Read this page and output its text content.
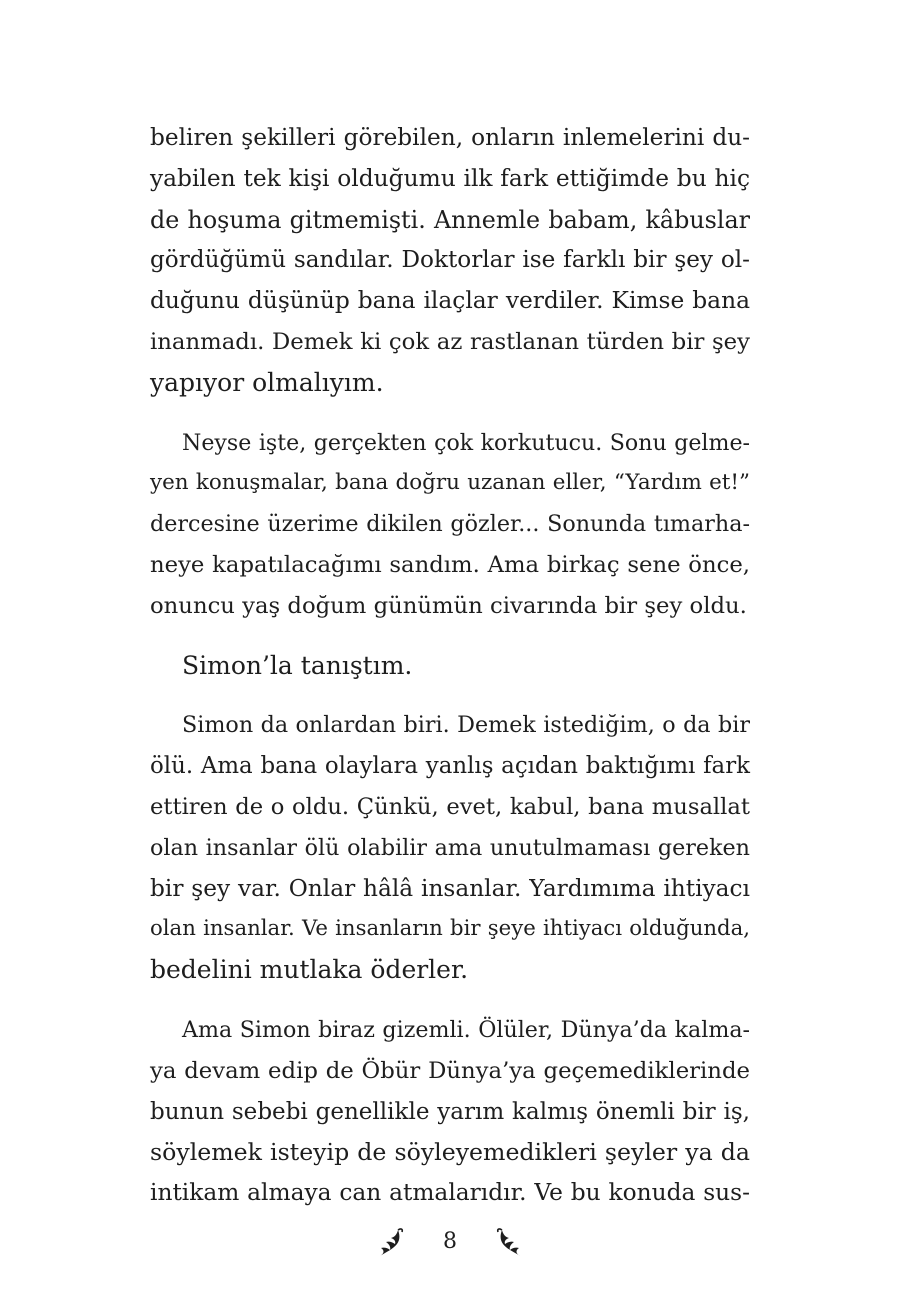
beliren şekilleri görebilen, onların inlemelerini du-
yabilen tek kişi olduğumu ilk fark ettiğimde bu hiç
de hoşuma gitmemişti. Annemle babam, kâbuslar
gördüğümü sandılar. Doktorlar ise farklı bir şey ol-
duğunu düşünüp bana ilaçlar verdiler. Kimse bana
inanmadı. Demek ki çok az rastlanan türden bir şey
yapıyor olmalıyım.
Neyse işte, gerçekten çok korkutucu. Sonu gelme-
yen konuşmalar, bana doğru uzanan eller, “Yardım et!”
dercesine üzerime dikilen gözler... Sonunda tımarha-
neye kapatılacağımı sandım. Ama birkaç sene önce,
onuncu yaş doğum günümün civarında bir şey oldu.
Simon’la tanıştım.
Simon da onlardan biri. Demek istediğim, o da bir
ölü. Ama bana olaylara yanlış açıdan baktığımı fark
ettiren de o oldu. Çünkü, evet, kabul, bana musallat
olan insanlar ölü olabilir ama unutulmaması gereken
bir şey var. Onlar hâlâ insanlar. Yardımıma ihtiyacı
olan insanlar. Ve insanların bir şeye ihtiyacı olduğunda,
bedelini mutlaka öderler.
Ama Simon biraz gizemli. Ölüler, Dünya’da kalma-
ya devam edip de Öbür Dünya’ya geçemediklerinde
bunun sebebi genellikle yarım kalmış önemli bir iş,
söylemek isteyip de söyleyemedikleri şeyler ya da
intikam almaya can atmalarıdır. Ve bu konuda sus-
8
